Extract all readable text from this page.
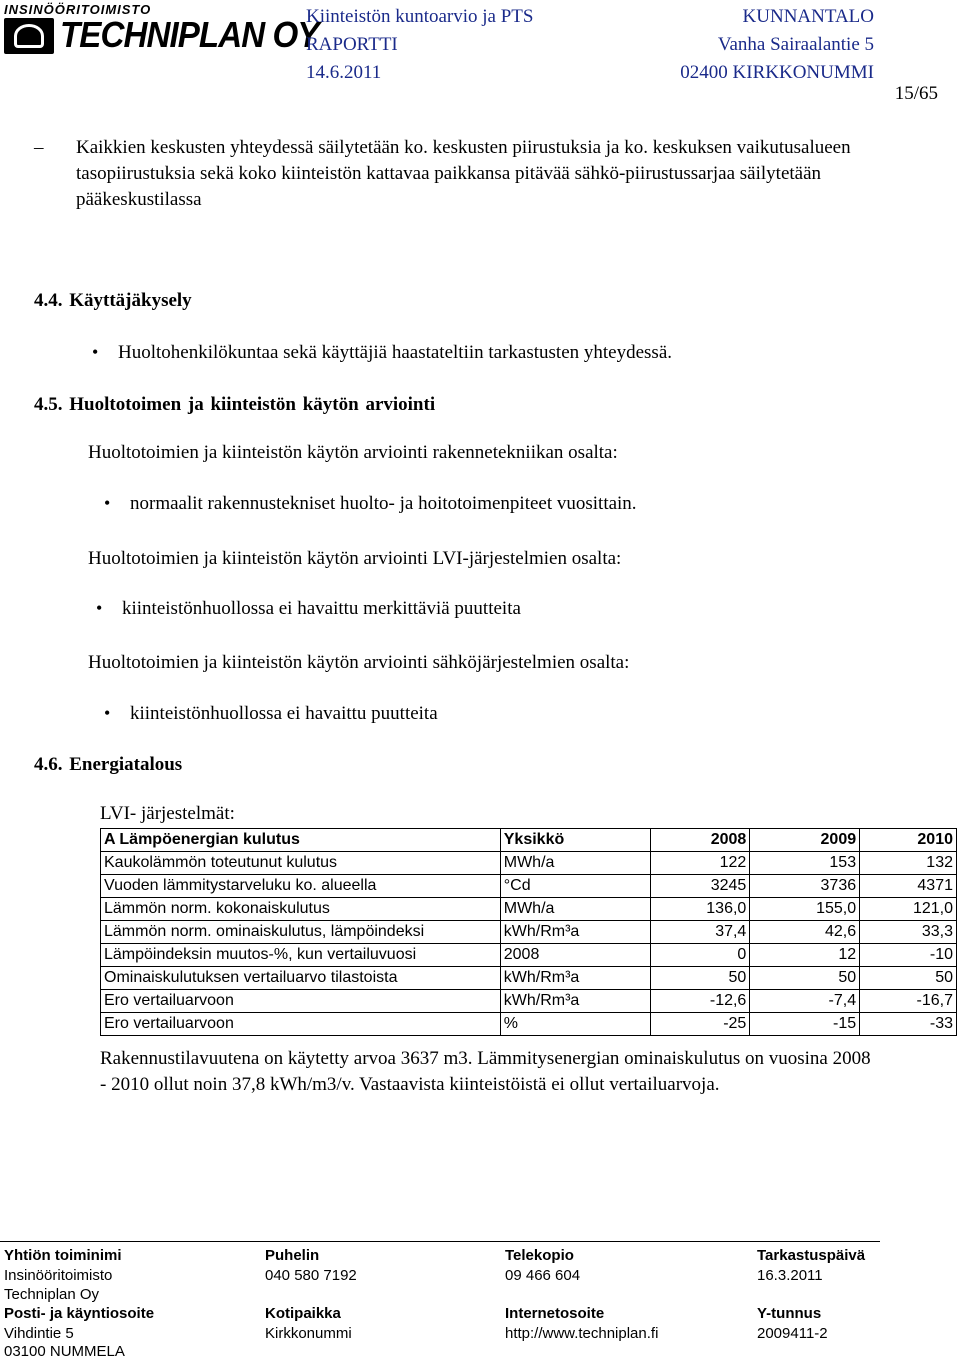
INSINÖÖRITOIMISTO
TECHNIPLAN OY
Kiinteistön kuntoarvio ja PTS
RAPORTTI
14.6.2011
KUNNANTALO
Vanha Sairaalantie 5
02400 KIRKKONUMMI
15/65
– Kaikkien keskusten yhteydessä säilytetään ko. keskusten piirustuksia ja ko. keskuksen vaikutusalueen tasopiirustuksia sekä koko kiinteistön kattavaa paikkansa pitävää sähkö-piirustussarjaa säilytetään pääkeskustilassa
4.4. Käyttäjäkysely
• Huoltohenkilökuntaa sekä käyttäjiä haastateltiin tarkastusten yhteydessä.
4.5. Huoltotoimen ja kiinteistön käytön arviointi
Huoltotoimien ja kiinteistön käytön arviointi rakennetekniikan osalta:
• normaalit rakennustekniset huolto- ja hoitotoimenpiteet vuosittain.
Huoltotoimien ja kiinteistön käytön arviointi LVI-järjestelmien osalta:
• kiinteistönhuollossa ei havaittu merkittäviä puutteita
Huoltotoimien ja kiinteistön käytön arviointi sähköjärjestelmien osalta:
• kiinteistönhuollossa ei havaittu puutteita
4.6. Energiatalous
LVI- järjestelmät:
A Lämpöenergian kulutus	Yksikkö	2008	2009	2010
Kaukolämmön toteutunut kulutus	MWh/a	122	153	132
Vuoden lämmitystarveluku ko. alueella	°Cd	3245	3736	4371
Lämmön norm. kokonaiskulutus	MWh/a	136,0	155,0	121,0
Lämmön norm. ominaiskulutus, lämpöindeksi	kWh/Rm³a	37,4	42,6	33,3
Lämpöindeksin muutos-%, kun vertailuvuosi	2008	0	12	-10
Ominaiskulutuksen vertailuarvo tilastoista	kWh/Rm³a	50	50	50
Ero vertailuarvoon	kWh/Rm³a	-12,6	-7,4	-16,7
Ero vertailuarvoon	%	-25	-15	-33
Rakennustilavuutena on käytetty arvoa 3637 m3. Lämmitysenergian ominaiskulutus on vuosina 2008 - 2010 ollut noin 37,8 kWh/m3/v. Vastaavista kiinteistöistä ei ollut vertailuarvoja.
Yhtiön toiminimi
Insinööritoimisto
Techniplan Oy
Posti- ja käyntiosoite
Vihdintie 5
03100 NUMMELA
Puhelin
040 580 7192
Kotipaikka
Kirkkonummi
Telekopio
09 466 604
Internetosoite
http://www.techniplan.fi
Tarkastuspäivä
16.3.2011
Y-tunnus
2009411-2
